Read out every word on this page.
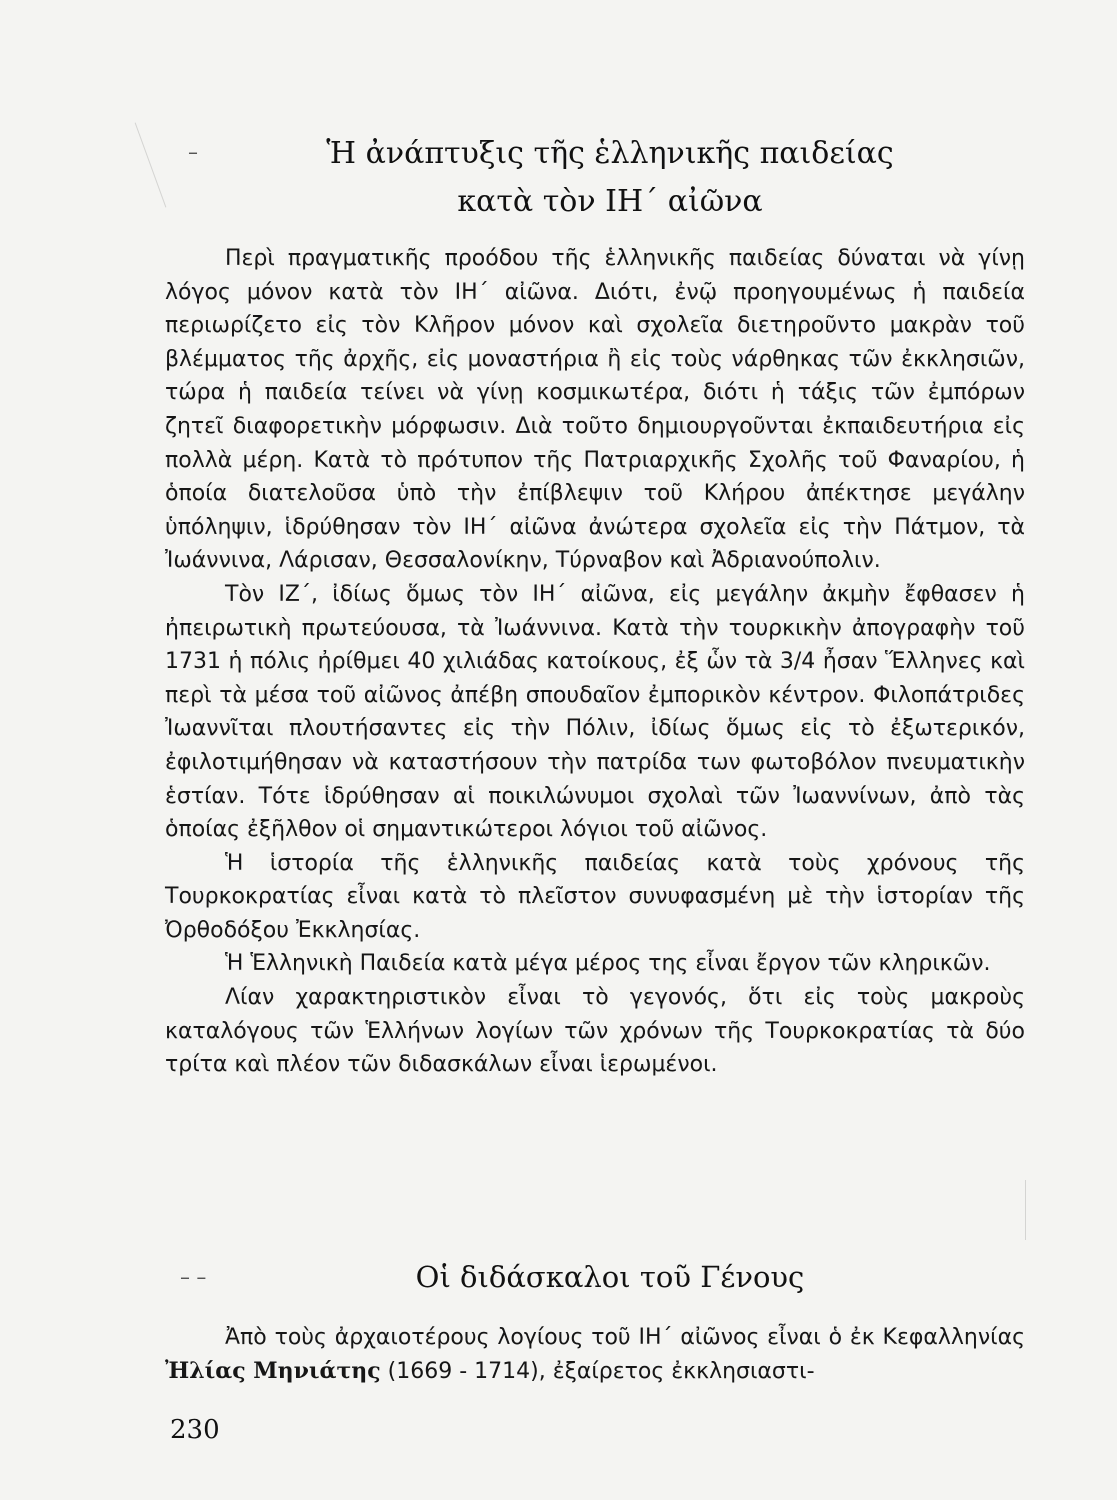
–
– –
Ἡ ἀνάπτυξις τῆς ἑλληνικῆς παιδείας
κατὰ τὸν ΙΗ΄ αἰῶνα

Περὶ πραγματικῆς προόδου τῆς ἑλληνικῆς παιδείας δύναται νὰ γίνῃ λόγος μόνον κατὰ τὸν ΙΗ΄ αἰῶνα. Διότι, ἐνῷ προηγουμένως ἡ παιδεία περιωρίζετο εἰς τὸν Κλῆρον μόνον καὶ σχολεῖα διετηροῦντο μακρὰν τοῦ βλέμματος τῆς ἀρχῆς, εἰς μοναστήρια ἢ εἰς τοὺς νάρθηκας τῶν ἐκκλησιῶν, τώρα ἡ παιδεία τείνει νὰ γίνῃ κοσμικωτέρα, διότι ἡ τάξις τῶν ἐμπόρων ζητεῖ διαφορετικὴν μόρφωσιν. Διὰ τοῦτο δημιουργοῦνται ἐκπαιδευτήρια εἰς πολλὰ μέρη. Κατὰ τὸ πρότυπον τῆς Πατριαρχικῆς Σχολῆς τοῦ Φαναρίου, ἡ ὁποία διατελοῦσα ὑπὸ τὴν ἐπίβλεψιν τοῦ Κλήρου ἀπέκτησε μεγάλην ὑπόληψιν, ἱδρύθησαν τὸν ΙΗ΄ αἰῶνα ἀνώτερα σχολεῖα εἰς τὴν Πάτμον, τὰ Ἰωάννινα, Λάρισαν, Θεσσαλονίκην, Τύρναβον καὶ Ἀδριανούπολιν.

Τὸν ΙΖ΄, ἰδίως ὅμως τὸν ΙΗ΄ αἰῶνα, εἰς μεγάλην ἀκμὴν ἔφθασεν ἡ ἠπειρωτικὴ πρωτεύουσα, τὰ Ἰωάννινα. Κατὰ τὴν τουρκικὴν ἀπογραφὴν τοῦ 1731 ἡ πόλις ἠρίθμει 40 χιλιάδας κατοίκους, ἐξ ὧν τὰ 3/4 ἦσαν Ἕλληνες καὶ περὶ τὰ μέσα τοῦ αἰῶνος ἀπέβη σπουδαῖον ἐμπορικὸν κέντρον. Φιλοπάτριδες Ἰωαννῖται πλουτήσαντες εἰς τὴν Πόλιν, ἰδίως ὅμως εἰς τὸ ἐξωτερικόν, ἐφιλοτιμήθησαν νὰ καταστήσουν τὴν πατρίδα των φωτοβόλον πνευματικὴν ἑστίαν. Τότε ἱδρύθησαν αἱ ποικιλώνυμοι σχολαὶ τῶν Ἰωαννίνων, ἀπὸ τὰς ὁποίας ἐξῆλθον οἱ σημαντικώτεροι λόγιοι τοῦ αἰῶνος.

Ἡ ἱστορία τῆς ἑλληνικῆς παιδείας κατὰ τοὺς χρόνους τῆς Τουρκοκρατίας εἶναι κατὰ τὸ πλεῖστον συνυφασμένη μὲ τὴν ἱστορίαν τῆς Ὀρθοδόξου Ἐκκλησίας.

Ἡ Ἑλληνικὴ Παιδεία κατὰ μέγα μέρος της εἶναι ἔργον τῶν κληρικῶν.

Λίαν χαρακτηριστικὸν εἶναι τὸ γεγονός, ὅτι εἰς τοὺς μακροὺς καταλόγους τῶν Ἑλλήνων λογίων τῶν χρόνων τῆς Τουρκοκρατίας τὰ δύο τρίτα καὶ πλέον τῶν διδασκάλων εἶναι ἱερωμένοι.

Οἱ διδάσκαλοι τοῦ Γένους

Ἀπὸ τοὺς ἀρχαιοτέρους λογίους τοῦ ΙΗ΄ αἰῶνος εἶναι ὁ ἐκ Κεφαλληνίας Ἠλίας Μηνιάτης (1669 - 1714), ἐξαίρετος ἐκκλησιαστι-

230
